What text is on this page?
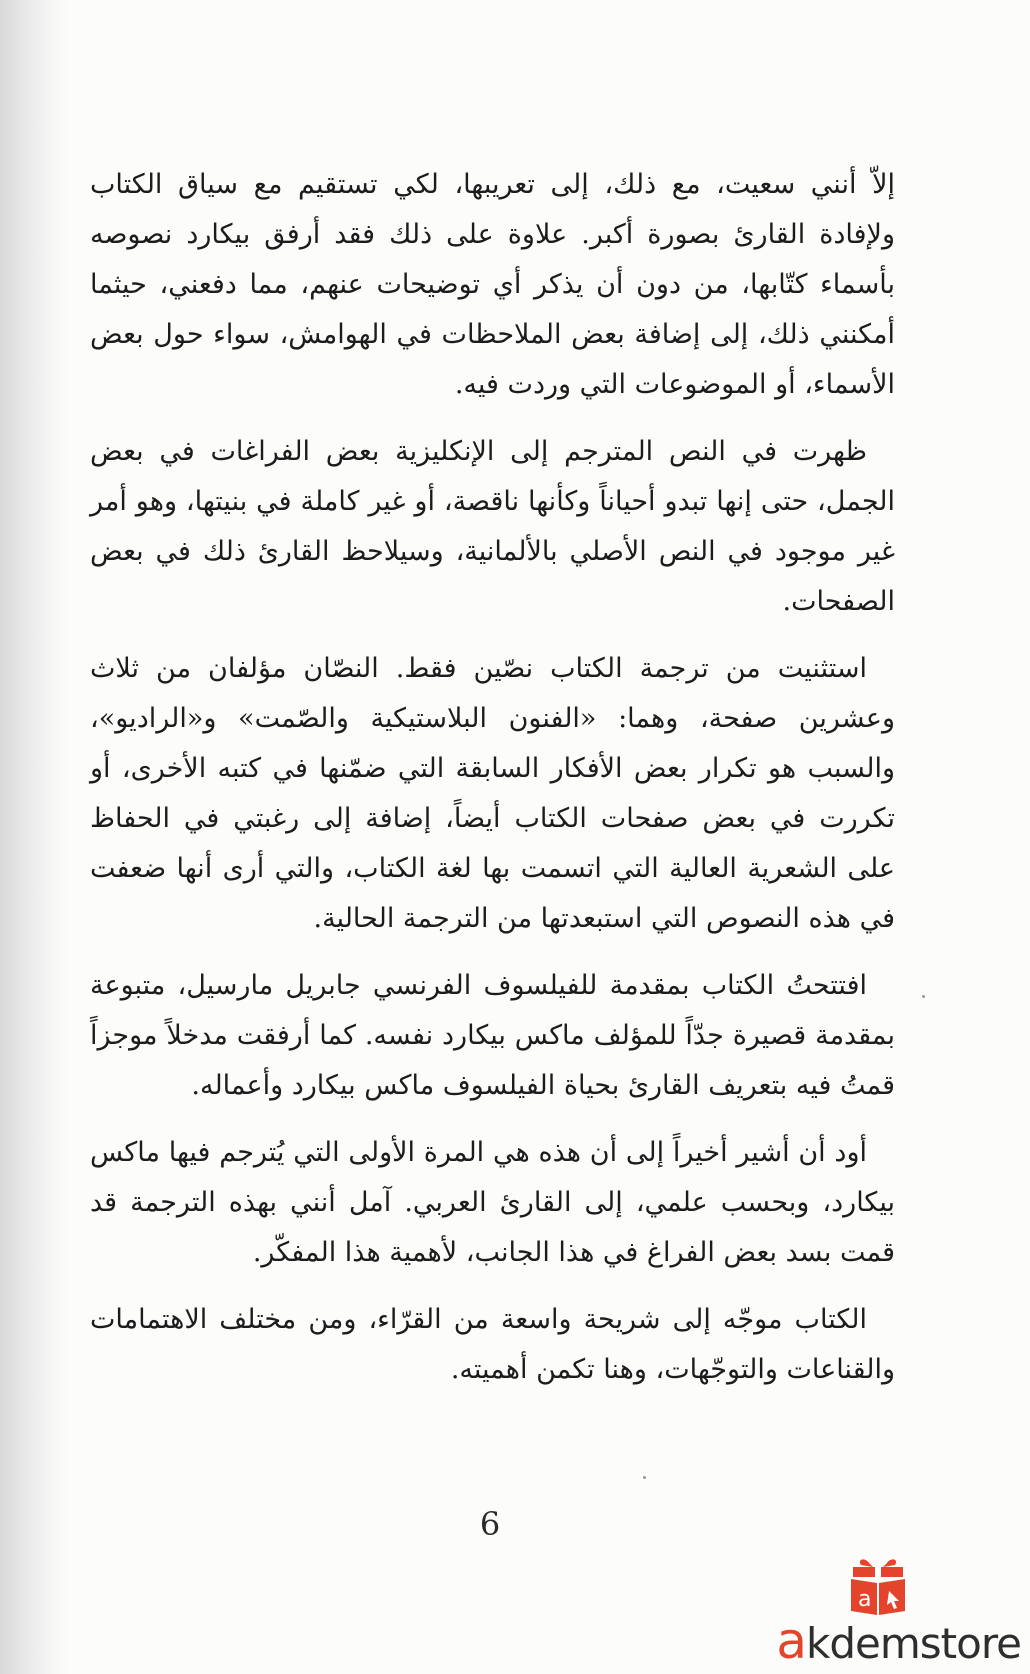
إلاّ أنني سعيت، مع ذلك، إلى تعريبها، لكي تستقيم مع سياق الكتاب ولإفادة القارئ بصورة أكبر. علاوة على ذلك فقد أرفق بيكارد نصوصه بأسماء كتّابها، من دون أن يذكر أي توضيحات عنهم، مما دفعني، حيثما أمكنني ذلك، إلى إضافة بعض الملاحظات في الهوامش، سواء حول بعض الأسماء، أو الموضوعات التي وردت فيه.

ظهرت في النص المترجم إلى الإنكليزية بعض الفراغات في بعض الجمل، حتى إنها تبدو أحياناً وكأنها ناقصة، أو غير كاملة في بنيتها، وهو أمر غير موجود في النص الأصلي بالألمانية، وسيلاحظ القارئ ذلك في بعض الصفحات.

استثنيت من ترجمة الكتاب نصّين فقط. النصّان مؤلفان من ثلاث وعشرين صفحة، وهما: «الفنون البلاستيكية والصّمت» و«الراديو»، والسبب هو تكرار بعض الأفكار السابقة التي ضمّنها في كتبه الأخرى، أو تكررت في بعض صفحات الكتاب أيضاً، إضافة إلى رغبتي في الحفاظ على الشعرية العالية التي اتسمت بها لغة الكتاب، والتي أرى أنها ضعفت في هذه النصوص التي استبعدتها من الترجمة الحالية.

افتتحتُ الكتاب بمقدمة للفيلسوف الفرنسي جابريل مارسيل، متبوعة بمقدمة قصيرة جدّاً للمؤلف ماكس بيكارد نفسه. كما أرفقت مدخلاً موجزاً قمتُ فيه بتعريف القارئ بحياة الفيلسوف ماكس بيكارد وأعماله.

أود أن أشير أخيراً إلى أن هذه هي المرة الأولى التي يُترجم فيها ماكس بيكارد، وبحسب علمي، إلى القارئ العربي. آمل أنني بهذه الترجمة قد قمت بسد بعض الفراغ في هذا الجانب، لأهمية هذا المفكّر.

الكتاب موجّه إلى شريحة واسعة من القرّاء، ومن مختلف الاهتمامات والقناعات والتوجّهات، وهنا تكمن أهميته.

6
a
akdemstore
